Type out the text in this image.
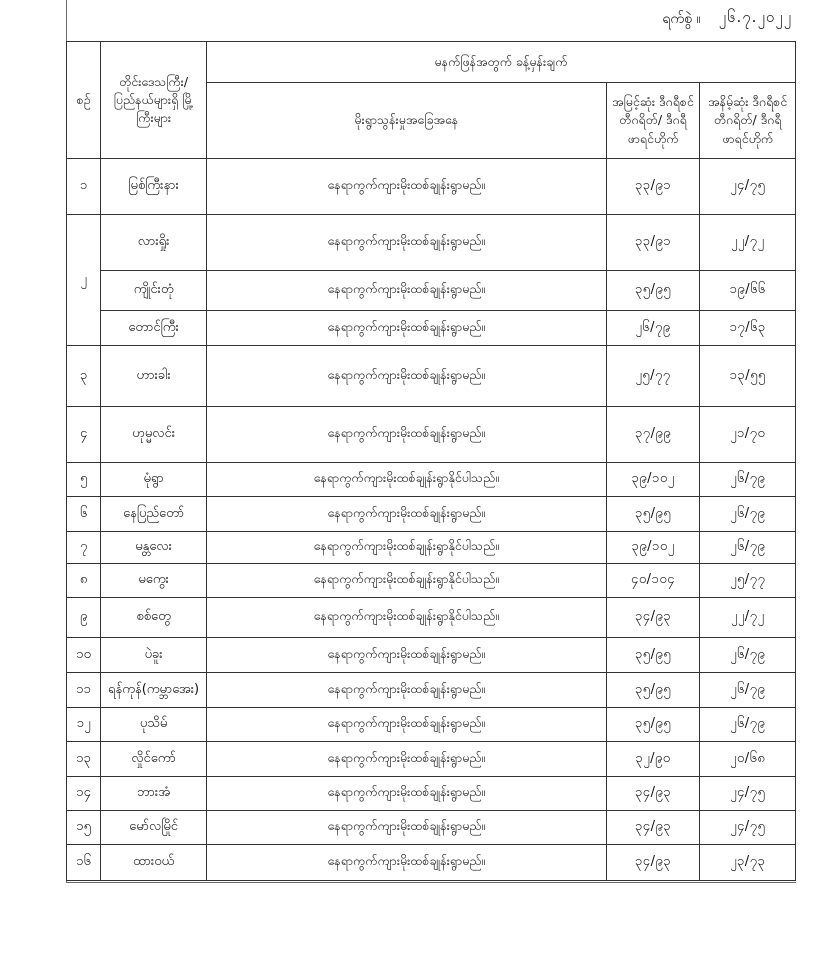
ရက်စွဲ ။ ၂၆.၇.၂၀၂၂
စဉ်	တိုင်းဒေသကြီး/ ပြည်နယ်များရှိ မြို့ကြီးများ	မနက်ဖြန်အတွက် ခန့်မှန်းချက်		
		မိုးရွာသွန်းမှုအခြေအနေ	အမြင့်ဆုံး ဒီဂရီစင်တီဂရိတ်/ ဒီဂရီဖာရင်ဟိုက်	အနိမ့်ဆုံး ဒီဂရီစင်တီဂရိတ်/ ဒီဂရီဖာရင်ဟိုက်
၁	မြစ်ကြီးနား	နေရာကွက်ကျားမိုးထစ်ချုန်းရွာမည်။	၃၃/၉၁	၂၄/၇၅
၂	လားရှိုး	နေရာကွက်ကျားမိုးထစ်ချုန်းရွာမည်။	၃၃/၉၁	၂၂/၇၂
	ကျိုင်းတုံ	နေရာကွက်ကျားမိုးထစ်ချုန်းရွာမည်။	၃၅/၉၅	၁၉/၆၆
	တောင်ကြီး	နေရာကွက်ကျားမိုးထစ်ချုန်းရွာမည်။	၂၆/၇၉	၁၇/၆၃
၃	ဟားခါး	နေရာကွက်ကျားမိုးထစ်ချုန်းရွာမည်။	၂၅/၇၇	၁၃/၅၅
၄	ဟုမ္မလင်း	နေရာကွက်ကျားမိုးထစ်ချုန်းရွာမည်။	၃၇/၉၉	၂၁/၇၀
၅	မုံရွာ	နေရာကွက်ကျားမိုးထစ်ချုန်းရွာနိုင်ပါသည်။	၃၉/၁၀၂	၂၆/၇၉
၆	နေပြည်တော်	နေရာကွက်ကျားမိုးထစ်ချုန်းရွာမည်။	၃၅/၉၅	၂၆/၇၉
၇	မန္တလေး	နေရာကွက်ကျားမိုးထစ်ချုန်းရွာနိုင်ပါသည်။	၃၉/၁၀၂	၂၆/၇၉
၈	မကွေး	နေရာကွက်ကျားမိုးထစ်ချုန်းရွာနိုင်ပါသည်။	၄၀/၁၀၄	၂၅/၇၇
၉	စစ်တွေ	နေရာကွက်ကျားမိုးထစ်ချုန်းရွာနိုင်ပါသည်။	၃၄/၉၃	၂၂/၇၂
၁၀	ပဲခူး	နေရာကွက်ကျားမိုးထစ်ချုန်းရွာမည်။	၃၅/၉၅	၂၆/၇၉
၁၁	ရန်ကုန်(ကမ္ဘာအေး)	နေရာကွက်ကျားမိုးထစ်ချုန်းရွာမည်။	၃၅/၉၅	၂၆/၇၉
၁၂	ပုသိမ်	နေရာကွက်ကျားမိုးထစ်ချုန်းရွာမည်။	၃၅/၉၅	၂၆/၇၉
၁၃	လှိုင်ကော်	နေရာကွက်ကျားမိုးထစ်ချုန်းရွာမည်။	၃၂/၉၀	၂၀/၆၈
၁၄	ဘားအံ	နေရာကွက်ကျားမိုးထစ်ချုန်းရွာမည်။	၃၄/၉၃	၂၄/၇၅
၁၅	မော်လမြိုင်	နေရာကွက်ကျားမိုးထစ်ချုန်းရွာမည်။	၃၄/၉၃	၂၄/၇၅
၁၆	ထားဝယ်	နေရာကွက်ကျားမိုးထစ်ချုန်းရွာမည်။	၃၄/၉၃	၂၃/၇၃
